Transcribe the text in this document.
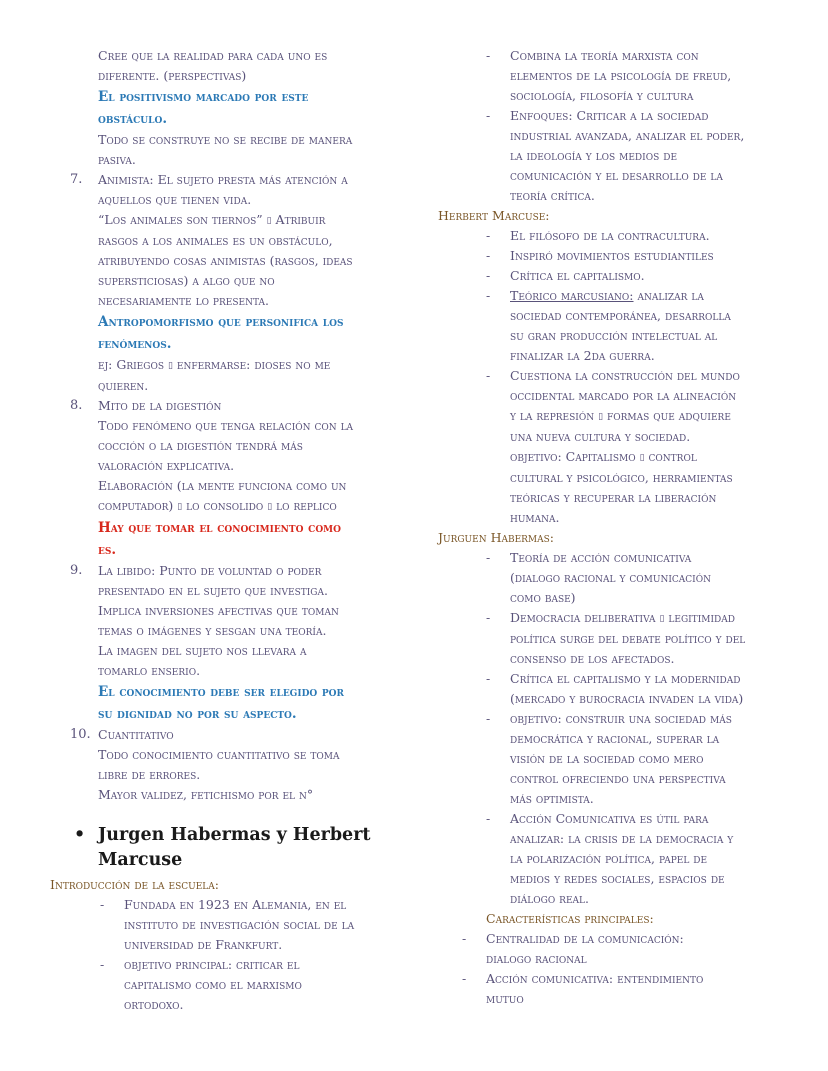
Cree que la realidad para cada uno es
diferente. (perspectivas)
El positivismo marcado por este
obstáculo.
Todo se construye no se recibe de manera
pasiva.
7. Animista: El sujeto presta más atención a
aquellos que tienen vida.
“Los animales son tiernos” ▯ Atribuir
rasgos a los animales es un obstáculo,
atribuyendo cosas animistas (rasgos, ideas
supersticiosas) a algo que no
necesariamente lo presenta.
Antropomorfismo que personifica los
fenómenos.
ej: Griegos ▯ enfermarse: dioses no me
quieren.
8. Mito de la digestión
Todo fenómeno que tenga relación con la
cocción o la digestión tendrá más
valoración explicativa.
Elaboración (la mente funciona como un
computador) ▯ lo consolido ▯ lo replico
Hay que tomar el conocimiento como
es.
9. La libido: Punto de voluntad o poder
presentado en el sujeto que investiga.
Implica inversiones afectivas que toman
temas o imágenes y sesgan una teoría.
La imagen del sujeto nos llevara a
tomarlo enserio.
El conocimiento debe ser elegido por
su dignidad no por su aspecto.
10. Cuantitativo
Todo conocimiento cuantitativo se toma
libre de errores.
Mayor validez, fetichismo por el n°
• Jurgen Habermas y Herbert
Marcuse
Introducción de la escuela:
- Fundada en 1923 en Alemania, en el
instituto de investigación social de la
universidad de Frankfurt.
- objetivo principal: criticar el
capitalismo como el marxismo
ortodoxo.
- Combina la teoría marxista con
elementos de la psicología de freud,
sociología, filosofía y cultura
- Enfoques: Criticar a la sociedad
industrial avanzada, analizar el poder,
la ideología y los medios de
comunicación y el desarrollo de la
teoría crítica.
Herbert Marcuse:
- El filósofo de la contracultura.
- Inspiró movimientos estudiantiles
- Crítica el capitalismo.
- Teórico marcusiano: analizar la
sociedad contemporánea, desarrolla
su gran producción intelectual al
finalizar la 2da guerra.
- Cuestiona la construcción del mundo
occidental marcado por la alineación
y la represión ▯ formas que adquiere
una nueva cultura y sociedad.
objetivo: Capitalismo ▯ control
cultural y psicológico, herramientas
teóricas y recuperar la liberación
humana.
Jurguen Habermas:
- Teoría de acción comunicativa
(dialogo racional y comunicación
como base)
- Democracia deliberativa ▯ legitimidad
política surge del debate político y del
consenso de los afectados.
- Crítica el capitalismo y la modernidad
(mercado y burocracia invaden la vida)
- objetivo: construir una sociedad más
democrática y racional, superar la
visión de la sociedad como mero
control ofreciendo una perspectiva
más optimista.
- Acción Comunicativa es útil para
analizar: la crisis de la democracia y
la polarización política, papel de
medios y redes sociales, espacios de
diálogo real.
Características principales:
- Centralidad de la comunicación:
dialogo racional
- Acción comunicativa: entendimiento
mutuo
